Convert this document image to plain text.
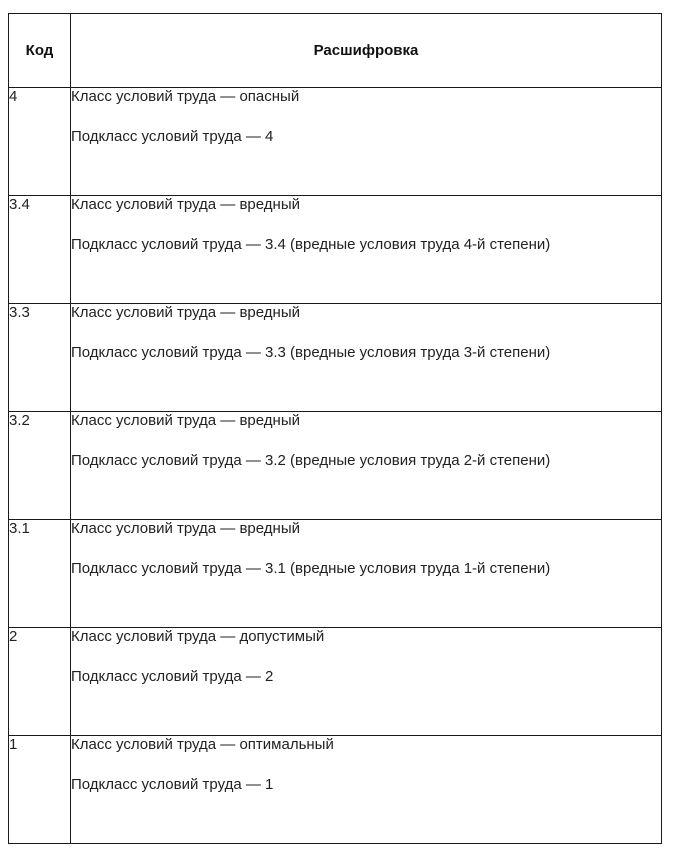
Код	Расшифровка
4	Класс условий труда — опасный

Подкласс условий труда — 4

3.4	Класс условий труда — вредный

Подкласс условий труда — 3.4 (вредные условия труда 4-й степени)

3.3	Класс условий труда — вредный

Подкласс условий труда — 3.3 (вредные условия труда 3-й степени)

3.2	Класс условий труда — вредный

Подкласс условий труда — 3.2 (вредные условия труда 2-й степени)

3.1	Класс условий труда — вредный

Подкласс условий труда — 3.1 (вредные условия труда 1-й степени)

2	Класс условий труда — допустимый

Подкласс условий труда — 2

1	Класс условий труда — оптимальный

Подкласс условий труда — 1
